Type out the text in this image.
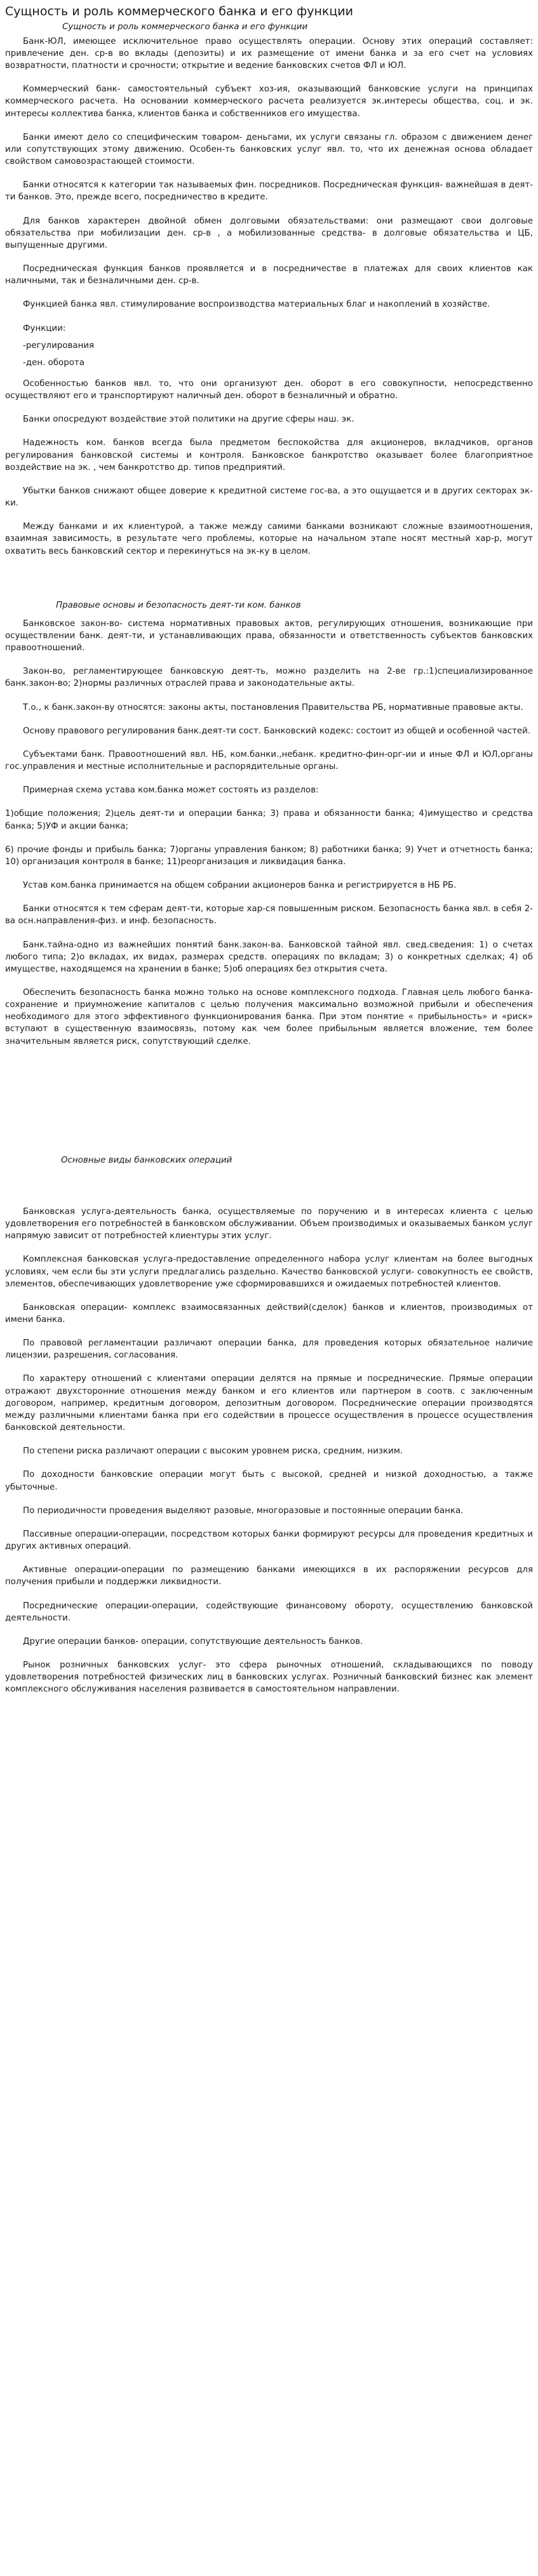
Сущность и роль коммерческого банка и его функции
Сущность и роль коммерческого банка и его функции

Банк-ЮЛ, имеющее исключительное право осуществлять операции. Основу этих операций составляет: привлечение ден. ср-в во вклады (депозиты) и их размещение от имени банка и за его счет на условиях возвратности, платности и срочности; открытие и ведение банковских счетов ФЛ и ЮЛ.

Коммерческий банк- самостоятельный субъект хоз-ия, оказывающий банковские услуги на принципах коммерческого расчета. На основании коммерческого расчета реализуется эк.интересы общества, соц. и эк. интересы коллектива банка, клиентов банка и собственников его имущества.

Банки имеют дело со специфическим товаром- деньгами, их услуги связаны гл. образом с движением денег или сопутствующих этому движению. Особен-ть банковских услуг явл. то, что их денежная основа обладает свойством самовозрастающей стоимости.

Банки относятся к категории так называемых фин. посредников. Посредническая функция- важнейшая в деят-ти банков. Это, прежде всего, посредничество в кредите.

Для банков характерен двойной обмен долговыми обязательствами: они размещают свои долговые обязательства при мобилизации ден. ср-в , а мобилизованные средства- в долговые обязательства и ЦБ, выпущенные другими.

Посредническая функция банков проявляется и в посредничестве в платежах для своих клиентов как наличными, так и безналичными ден. ср-в.

Функцией банка явл. стимулирование воспроизводства материальных благ и накоплений в хозяйстве.

Функции:

-регулирования

-ден. оборота

Особенностью банков явл. то, что они организуют ден. оборот в его совокупности, непосредственно осуществляют его и транспортируют наличный ден. оборот в безналичный и обратно.

Банки опосредуют воздействие этой политики на другие сферы наш. эк.

Надежность ком. банков всегда была предметом беспокойства для акционеров, вкладчиков, органов регулирования банковской системы и контроля. Банковское банкротство оказывает более благоприятное воздействие на эк. , чем банкротство др. типов предприятий.

Убытки банков снижают общее доверие к кредитной системе гос-ва, а это ощущается и в других секторах эк-ки.

Между банками и их клиентурой, а также между самими банками возникают сложные взаимоотношения, взаимная зависимость, в результате чего проблемы, которые на начальном этапе носят местный хар-р, могут охватить весь банковский сектор и перекинуться на эк-ку в целом.

Правовые основы и безопасность деят-ти ком. банков

Банковское закон-во- система нормативных правовых актов, регулирующих отношения, возникающие при осуществлении банк. деят-ти, и устанавливающих права, обязанности и ответственность субъектов банковских правоотношений.

Закон-во, регламентирующее банковскую деят-ть, можно разделить на 2-ве гр.:1)специализированное банк.закон-во; 2)нормы различных отраслей права и законодательные акты.

Т.о., к банк.закон-ву относятся: законы акты, постановления Правительства РБ, нормативные правовые акты.

Основу правового регулирования банк.деят-ти сост. Банковский кодекс: состоит из общей и особенной частей.

Субъектами банк. Правоотношений явл. НБ, ком.банки.,небанк. кредитно-фин-орг-ии и иные ФЛ и ЮЛ,органы гос.управления и местные исполнительные и распорядительные органы.

Примерная схема устава ком.банка может состоять из разделов:

1)общие положения; 2)цель деят-ти и операции банка; 3) права и обязанности банка; 4)имущество и средства банка; 5)УФ и акции банка;

6) прочие фонды и прибыль банка; 7)органы управления банком; 8) работники банка; 9) Учет и отчетность банка; 10) организация контроля в банке; 11)реорганизация и ликвидация банка.

Устав ком.банка принимается на общем собрании акционеров банка и регистрируется в НБ РБ.

Банки относятся к тем сферам деят-ти, которые хар-ся повышенным риском. Безопасность банка явл. в себя 2-ва осн.направления-физ. и инф. безопасность.

Банк.тайна-одно из важнейших понятий банк.закон-ва. Банковской тайной явл. свед.сведения: 1) о счетах любого типа; 2)о вкладах, их видах, размерах средств. операциях по вкладам; 3) о конкретных сделках; 4) об имуществе, находящемся на хранении в банке; 5)об операциях без открытия счета.

Обеспечить безопасность банка можно только на основе комплексного подхода. Главная цель любого банка-сохранение и приумножение капиталов с целью получения максимально возможной прибыли и обеспечения необходимого для этого эффективного функционирования банка. При этом понятие « прибыльность» и «риск» вступают в существенную взаимосвязь, потому как чем более прибыльным является вложение, тем более значительным является риск, сопутствующий сделке.

Основные виды банковских операций

Банковская услуга-деятельность банка, осуществляемые по поручению и в интересах клиента с целью удовлетворения его потребностей в банковском обслуживании. Объем производимых и оказываемых банком услуг напрямую зависит от потребностей клиентуры этих услуг.

Комплексная банковская услуга-предоставление определенного набора услуг клиентам на более выгодных условиях, чем если бы эти услуги предлагались раздельно. Качество банковской услуги- совокупность ее свойств, элементов, обеспечивающих удовлетворение уже сформировавшихся и ожидаемых потребностей клиентов.

Банковская операции- комплекс взаимосвязанных действий(сделок) банков и клиентов, производимых от имени банка.

По правовой регламентации различают операции банка, для проведения которых обязательное наличие лицензии, разрешения, согласования.

По характеру отношений с клиентами операции делятся на прямые и посреднические. Прямые операции отражают двухсторонние отношения между банком и его клиентов или партнером в соотв. с заключенным договором, например, кредитным договором, депозитным договором. Посреднические операции производятся между различными клиентами банка при его содействии в процессе осуществления в процессе осуществления банковской деятельности.

По степени риска различают операции с высоким уровнем риска, средним, низким.

По доходности банковские операции могут быть с высокой, средней и низкой доходностью, а также убыточные.

По периодичности проведения выделяют разовые, многоразовые и постоянные операции банка.

Пассивные операции-операции, посредством которых банки формируют ресурсы для проведения кредитных и других активных операций.

Активные операции-операции по размещению банками имеющихся в их распоряжении ресурсов для получения прибыли и поддержки ликвидности.

Посреднические операции-операции, содействующие финансовому обороту, осуществлению банковской деятельности.

Другие операции банков- операции, сопутствующие деятельность банков.

Рынок розничных банковских услуг- это сфера рыночных отношений, складывающихся по поводу удовлетворения потребностей физических лиц в банковских услугах. Розничный банковский бизнес как элемент комплексного обслуживания населения развивается в самостоятельном направлении.
